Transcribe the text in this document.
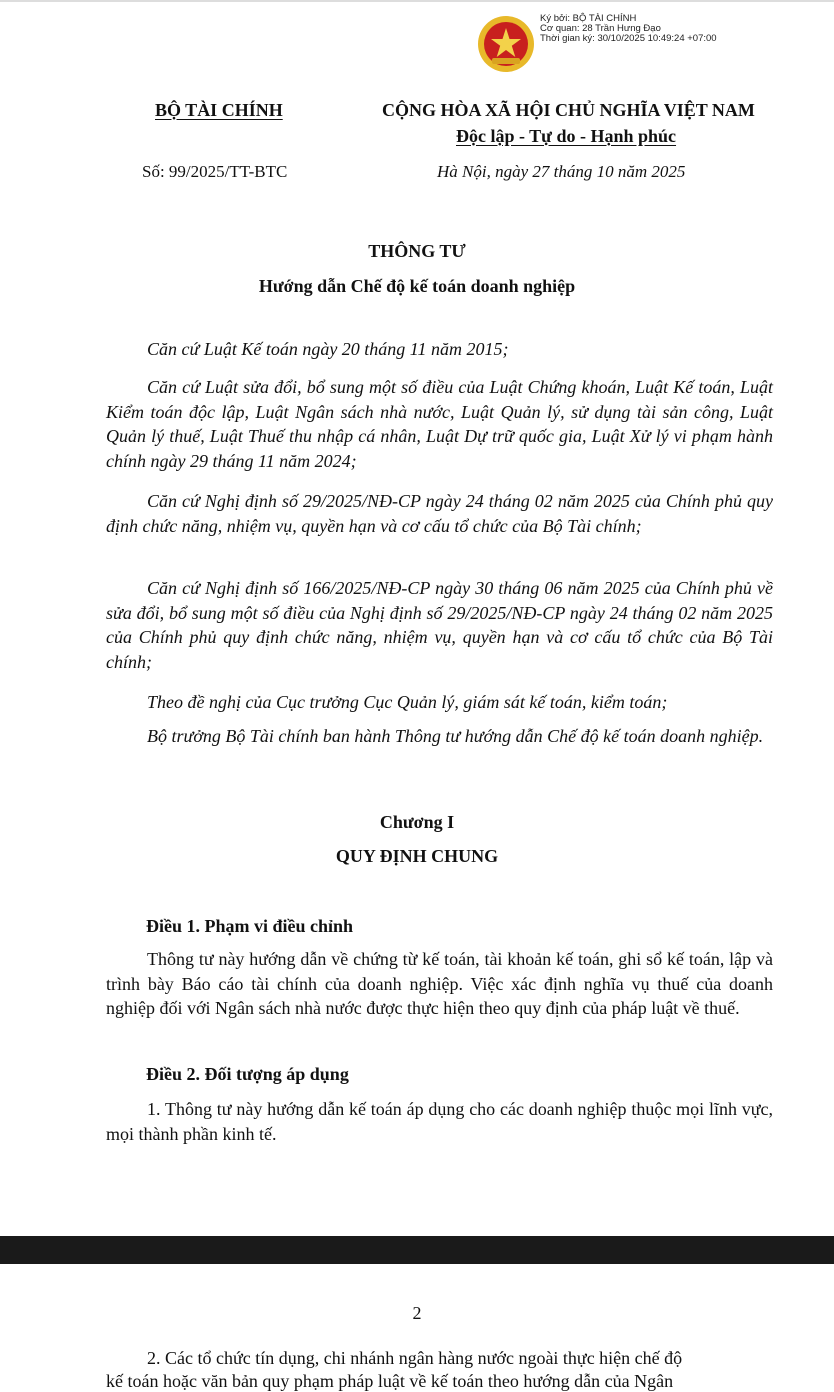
Ký bởi: BỘ TÀI CHÍNH
Cơ quan: 28 Trần Hưng Đạo
Thời gian ký: 30/10/2025 10:49:24 +07:00
BỘ TÀI CHÍNH	CỘNG HÒA XÃ HỘI CHỦ NGHĨA VIỆT NAM
Độc lập - Tự do - Hạnh phúc
Số: 99/2025/TT-BTC	Hà Nội, ngày 27 tháng 10 năm 2025
THÔNG TƯ
Hướng dẫn Chế độ kế toán doanh nghiệp
Căn cứ Luật Kế toán ngày 20 tháng 11 năm 2015;
Căn cứ Luật sửa đổi, bổ sung một số điều của Luật Chứng khoán, Luật Kế toán, Luật Kiểm toán độc lập, Luật Ngân sách nhà nước, Luật Quản lý, sử dụng tài sản công, Luật Quản lý thuế, Luật Thuế thu nhập cá nhân, Luật Dự trữ quốc gia, Luật Xử lý vi phạm hành chính ngày 29 tháng 11 năm 2024;
Căn cứ Nghị định số 29/2025/NĐ-CP ngày 24 tháng 02 năm 2025 của Chính phủ quy định chức năng, nhiệm vụ, quyền hạn và cơ cấu tổ chức của Bộ Tài chính;
Căn cứ Nghị định số 166/2025/NĐ-CP ngày 30 tháng 06 năm 2025 của Chính phủ về sửa đổi, bổ sung một số điều của Nghị định số 29/2025/NĐ-CP ngày 24 tháng 02 năm 2025 của Chính phủ quy định chức năng, nhiệm vụ, quyền hạn và cơ cấu tổ chức của Bộ Tài chính;
Theo đề nghị của Cục trưởng Cục Quản lý, giám sát kế toán, kiểm toán;
Bộ trưởng Bộ Tài chính ban hành Thông tư hướng dẫn Chế độ kế toán doanh nghiệp.
Chương I
QUY ĐỊNH CHUNG
Điều 1. Phạm vi điều chỉnh
Thông tư này hướng dẫn về chứng từ kế toán, tài khoản kế toán, ghi sổ kế toán, lập và trình bày Báo cáo tài chính của doanh nghiệp. Việc xác định nghĩa vụ thuế của doanh nghiệp đối với Ngân sách nhà nước được thực hiện theo quy định của pháp luật về thuế.
Điều 2. Đối tượng áp dụng
1. Thông tư này hướng dẫn kế toán áp dụng cho các doanh nghiệp thuộc mọi lĩnh vực, mọi thành phần kinh tế.
2
2. Các tổ chức tín dụng, chi nhánh ngân hàng nước ngoài thực hiện chế độ
kế toán hoặc văn bản quy phạm pháp luật về kế toán theo hướng dẫn của Ngân
